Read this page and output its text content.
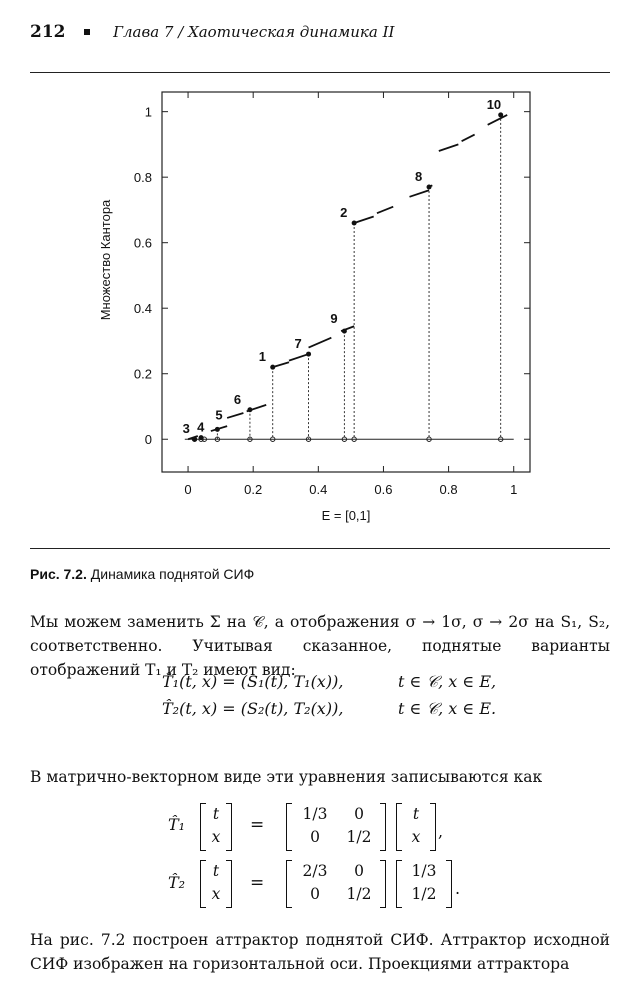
212	Глава 7 / Хаотическая динамика II
0
0
0.2
0.2
0.4
0.4
0.6
0.6
0.8
0.8
1
1
E = [0,1]
Множество Кантора
3 4
5
6
1
7
9
2
8
10
Рис. 7.2. Динамика поднятой СИФ
Мы можем заменить Σ на 𝒞, а отображения σ → 1σ, σ → 2σ на S₁, S₂, соответственно. Учитывая сказанное, поднятые варианты отображений T₁ и T₂ имеют вид:
T̂₁(t, x) = (S₁(t), T₁(x)),	t ∈ 𝒞, x ∈ E,
T̂₂(t, x) = (S₂(t), T₂(x)),	t ∈ 𝒞, x ∈ E.
В матрично-векторном виде эти уравнения записываются как
T̂₁
t
x
=
1/3	0
0	1/2
t
x	,
T̂₂
t
x
=
2/3	0
0	1/2
1/3
1/2	.
На рис. 7.2 построен аттрактор поднятой СИФ. Аттрактор исходной СИФ изображен на горизонтальной оси. Проекциями аттрактора
